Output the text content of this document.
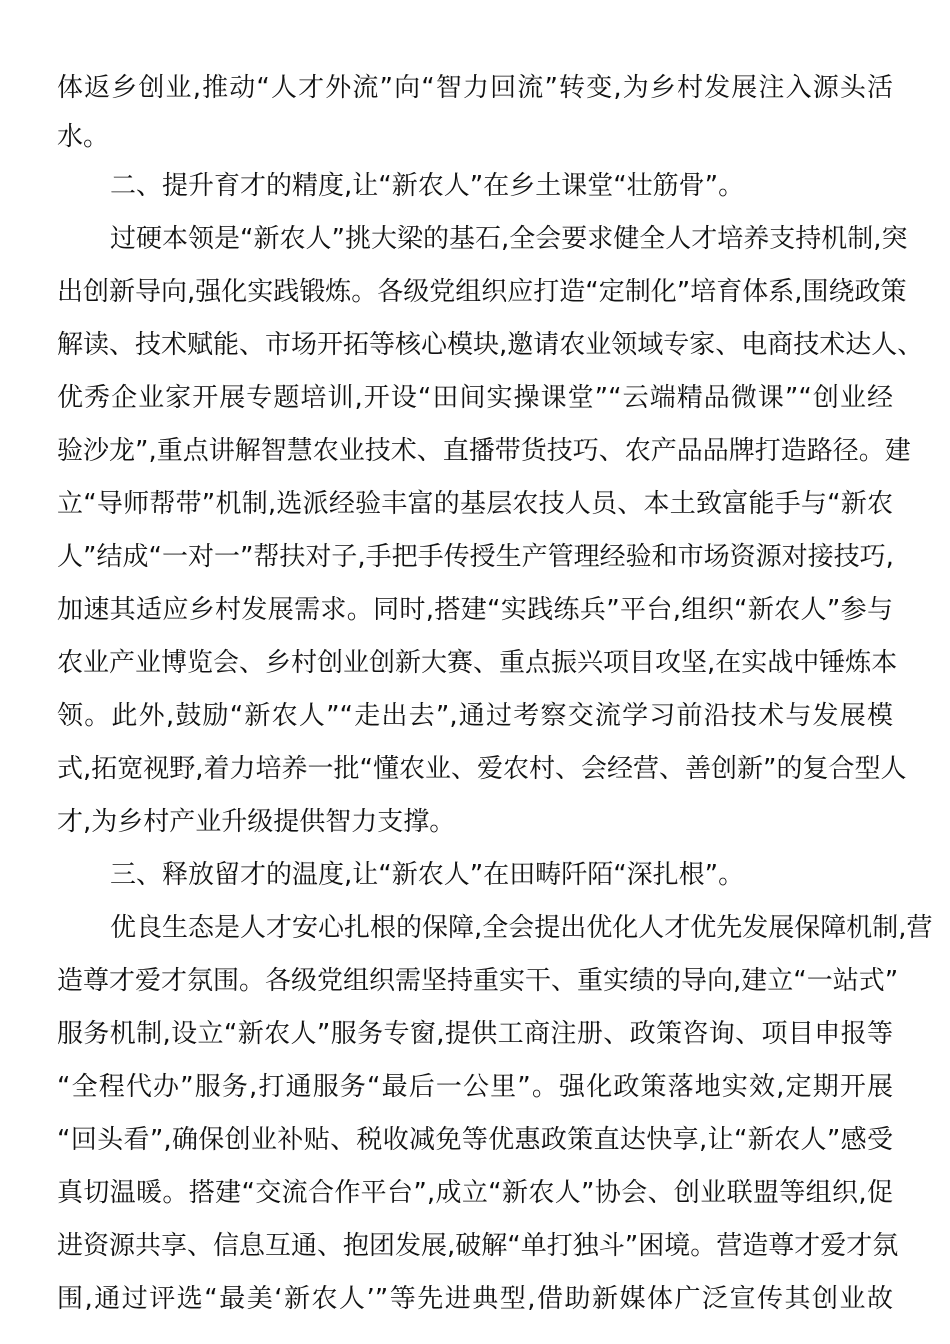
体返乡创业,推动“人才外流”向“智力回流”转变,为乡村发展注入源头活
水。
二、提升育才的精度,让“新农人”在乡土课堂“壮筋骨”。
过硬本领是“新农人”挑大梁的基石,全会要求健全人才培养支持机制,突
出创新导向,强化实践锻炼。各级党组织应打造“定制化”培育体系,围绕政策
解读、技术赋能、市场开拓等核心模块,邀请农业领域专家、电商技术达人、
优秀企业家开展专题培训,开设“田间实操课堂”“云端精品微课”“创业经
验沙龙”,重点讲解智慧农业技术、直播带货技巧、农产品品牌打造路径。建
立“导师帮带”机制,选派经验丰富的基层农技人员、本土致富能手与“新农
人”结成“一对一”帮扶对子,手把手传授生产管理经验和市场资源对接技巧,
加速其适应乡村发展需求。同时,搭建“实践练兵”平台,组织“新农人”参与
农业产业博览会、乡村创业创新大赛、重点振兴项目攻坚,在实战中锤炼本
领。此外,鼓励“新农人”“走出去”,通过考察交流学习前沿技术与发展模
式,拓宽视野,着力培养一批“懂农业、爱农村、会经营、善创新”的复合型人
才,为乡村产业升级提供智力支撑。
三、释放留才的温度,让“新农人”在田畴阡陌“深扎根”。
优良生态是人才安心扎根的保障,全会提出优化人才优先发展保障机制,营
造尊才爱才氛围。各级党组织需坚持重实干、重实绩的导向,建立“一站式”
服务机制,设立“新农人”服务专窗,提供工商注册、政策咨询、项目申报等
“全程代办”服务,打通服务“最后一公里”。强化政策落地实效,定期开展
“回头看”,确保创业补贴、税收减免等优惠政策直达快享,让“新农人”感受
真切温暖。搭建“交流合作平台”,成立“新农人”协会、创业联盟等组织,促
进资源共享、信息互通、抱团发展,破解“单打独斗”困境。营造尊才爱才氛
围,通过评选“最美‘新农人’”等先进典型,借助新媒体广泛宣传其创业故
